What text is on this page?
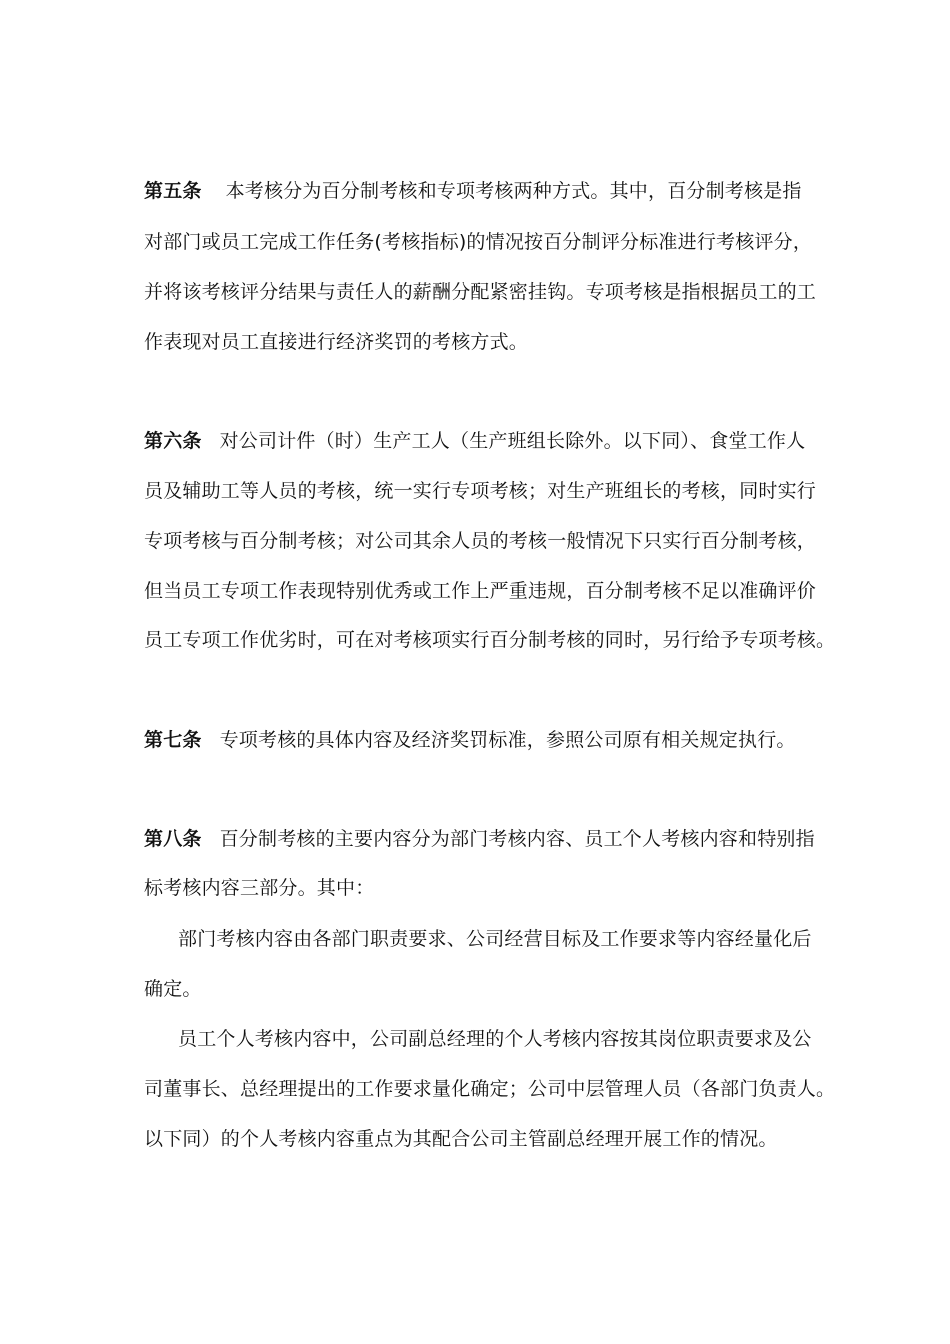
第五条 本考核分为百分制考核和专项考核两种方式。其中，百分制考核是指
对部门或员工完成工作任务(考核指标)的情况按百分制评分标准进行考核评分，
并将该考核评分结果与责任人的薪酬分配紧密挂钩。专项考核是指根据员工的工
作表现对员工直接进行经济奖罚的考核方式。
第六条 对公司计件（时）生产工人（生产班组长除外。以下同）、食堂工作人
员及辅助工等人员的考核，统一实行专项考核；对生产班组长的考核，同时实行
专项考核与百分制考核；对公司其余人员的考核一般情况下只实行百分制考核，
但当员工专项工作表现特别优秀或工作上严重违规，百分制考核不足以准确评价
员工专项工作优劣时，可在对考核项实行百分制考核的同时，另行给予专项考核。
第七条 专项考核的具体内容及经济奖罚标准，参照公司原有相关规定执行。
第八条 百分制考核的主要内容分为部门考核内容、员工个人考核内容和特别指
标考核内容三部分。其中：
部门考核内容由各部门职责要求、公司经营目标及工作要求等内容经量化后
确定。
员工个人考核内容中，公司副总经理的个人考核内容按其岗位职责要求及公
司董事长、总经理提出的工作要求量化确定；公司中层管理人员（各部门负责人。
以下同）的个人考核内容重点为其配合公司主管副总经理开展工作的情况。
